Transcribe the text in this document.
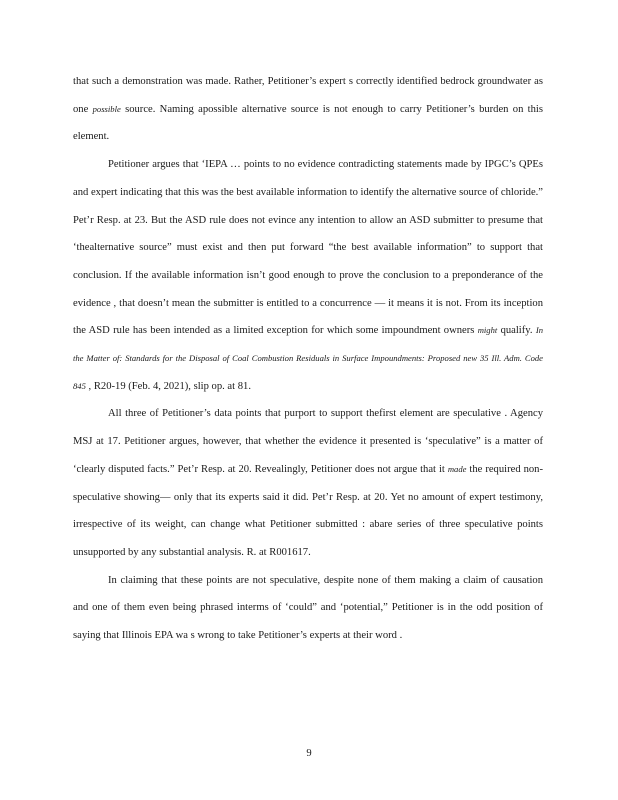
that such a demonstration was made. Rather, Petitioner’s expert s correctly identified bedrock groundwater as one possible source. Naming apossible alternative source is not enough to carry Petitioner’s burden on this element.

Petitioner argues that ‘IEPA … points to no evidence contradicting statements made by IPGC’s QPEs and expert indicating that this was the best available information to identify the alternative source of chloride.” Pet’r Resp. at 23. But the ASD rule does not evince any intention to allow an ASD submitter to presume that ‘thealternative source” must exist and then put forward “the best available information” to support that conclusion. If the available information isn’t good enough to prove the conclusion to a preponderance of the evidence , that doesn’t mean the submitter is entitled to a concurrence — it means it is not. From its inception the ASD rule has been intended as a limited exception for which some impoundment owners might qualify. In the Matter of: Standards for the Disposal of Coal Combustion Residuals in Surface Impoundments: Proposed new 35 Ill. Adm. Code 845 , R20-19 (Feb. 4, 2021), slip op. at 81.

All three of Petitioner’s data points that purport to support thefirst element are speculative . Agency MSJ at 17. Petitioner argues, however, that whether the evidence it presented is ‘speculative” is a matter of ‘clearly disputed facts.” Pet’r Resp. at 20. Revealingly, Petitioner does not argue that it made the required non-speculative showing— only that its experts said it did. Pet’r Resp. at 20. Yet no amount of expert testimony, irrespective of its weight, can change what Petitioner submitted : abare series of three speculative points unsupported by any substantial analysis. R. at R001617.

In claiming that these points are not speculative, despite none of them making a claim of causation and one of them even being phrased interms of ‘could” and ‘potential,” Petitioner is in the odd position of saying that Illinois EPA wa s wrong to take Petitioner’s experts at their word .

9
